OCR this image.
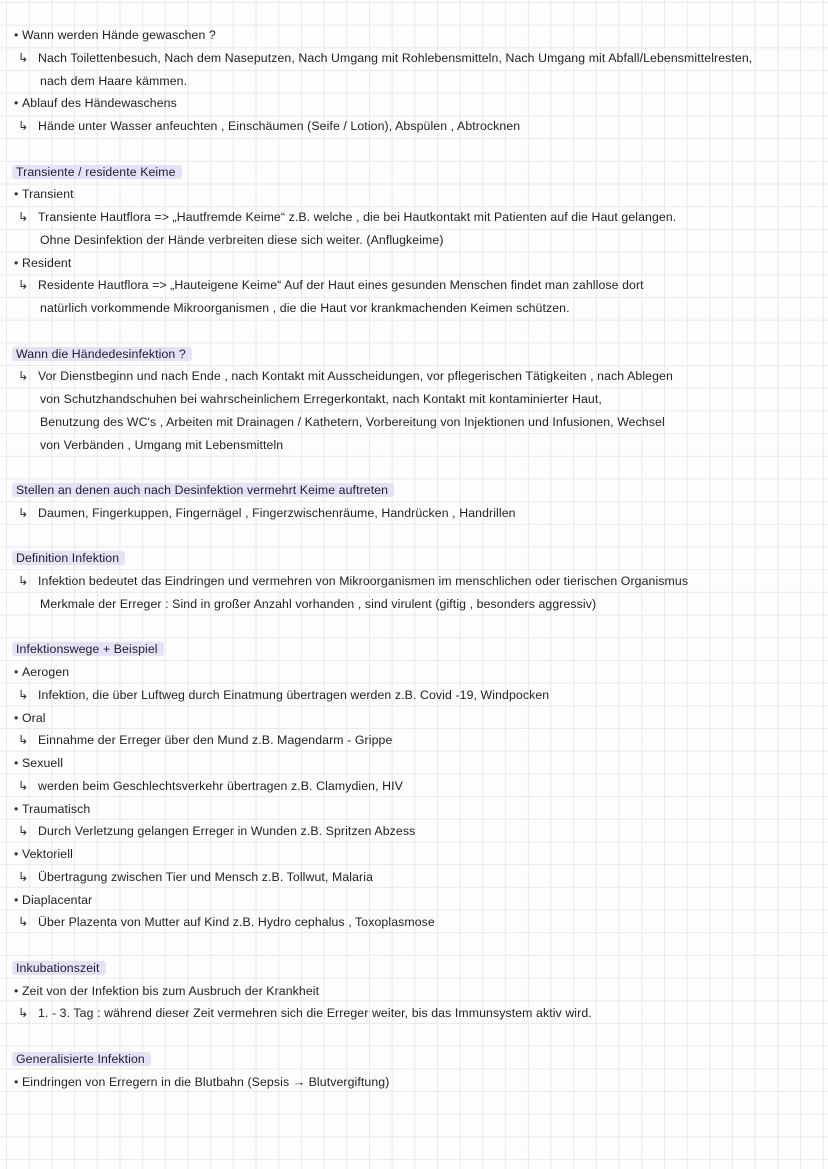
• Wann werden Hände gewaschen ?
↳ Nach Toilettenbesuch, Nach dem Naseputzen, Nach Umgang mit Rohlebensmitteln, Nach Umgang mit Abfall/Lebensmittelresten,
nach dem Haare kämmen.
• Ablauf des Händewaschens
↳ Hände unter Wasser anfeuchten , Einschäumen (Seife / Lotion), Abspülen , Abtrocknen
Transiente / residente Keime
• Transient
↳ Transiente Hautflora => „Hautfremde Keime“ z.B. welche , die bei Hautkontakt mit Patienten auf die Haut gelangen.
Ohne Desinfektion der Hände verbreiten diese sich weiter. (Anflugkeime)
• Resident
↳ Residente Hautflora => „Hauteigene Keime“ Auf der Haut eines gesunden Menschen findet man zahllose dort
natürlich vorkommende Mikroorganismen , die die Haut vor krankmachenden Keimen schützen.
Wann die Händedesinfektion ?
↳ Vor Dienstbeginn und nach Ende , nach Kontakt mit Ausscheidungen, vor pflegerischen Tätigkeiten , nach Ablegen
von Schutzhandschuhen bei wahrscheinlichem Erregerkontakt, nach Kontakt mit kontaminierter Haut,
Benutzung des WC's , Arbeiten mit Drainagen / Kathetern, Vorbereitung von Injektionen und Infusionen, Wechsel
von Verbänden , Umgang mit Lebensmitteln
Stellen an denen auch nach Desinfektion vermehrt Keime auftreten
↳ Daumen, Fingerkuppen, Fingernägel , Fingerzwischenräume, Handrücken , Handrillen
Definition Infektion
↳ Infektion bedeutet das Eindringen und vermehren von Mikroorganismen im menschlichen oder tierischen Organismus
Merkmale der Erreger : Sind in großer Anzahl vorhanden , sind virulent (giftig , besonders aggressiv)
Infektionswege + Beispiel
• Aerogen
↳ Infektion, die über Luftweg durch Einatmung übertragen werden z.B. Covid -19, Windpocken
• Oral
↳ Einnahme der Erreger über den Mund z.B. Magendarm - Grippe
• Sexuell
↳ werden beim Geschlechtsverkehr übertragen z.B. Clamydien, HIV
• Traumatisch
↳ Durch Verletzung gelangen Erreger in Wunden z.B. Spritzen Abzess
• Vektoriell
↳ Übertragung zwischen Tier und Mensch z.B. Tollwut, Malaria
• Diaplacentar
↳ Über Plazenta von Mutter auf Kind z.B. Hydro cephalus , Toxoplasmose
Inkubationszeit
• Zeit von der Infektion bis zum Ausbruch der Krankheit
↳ 1. - 3. Tag : während dieser Zeit vermehren sich die Erreger weiter, bis das Immunsystem aktiv wird.
Generalisierte Infektion
• Eindringen von Erregern in die Blutbahn (Sepsis → Blutvergiftung)
